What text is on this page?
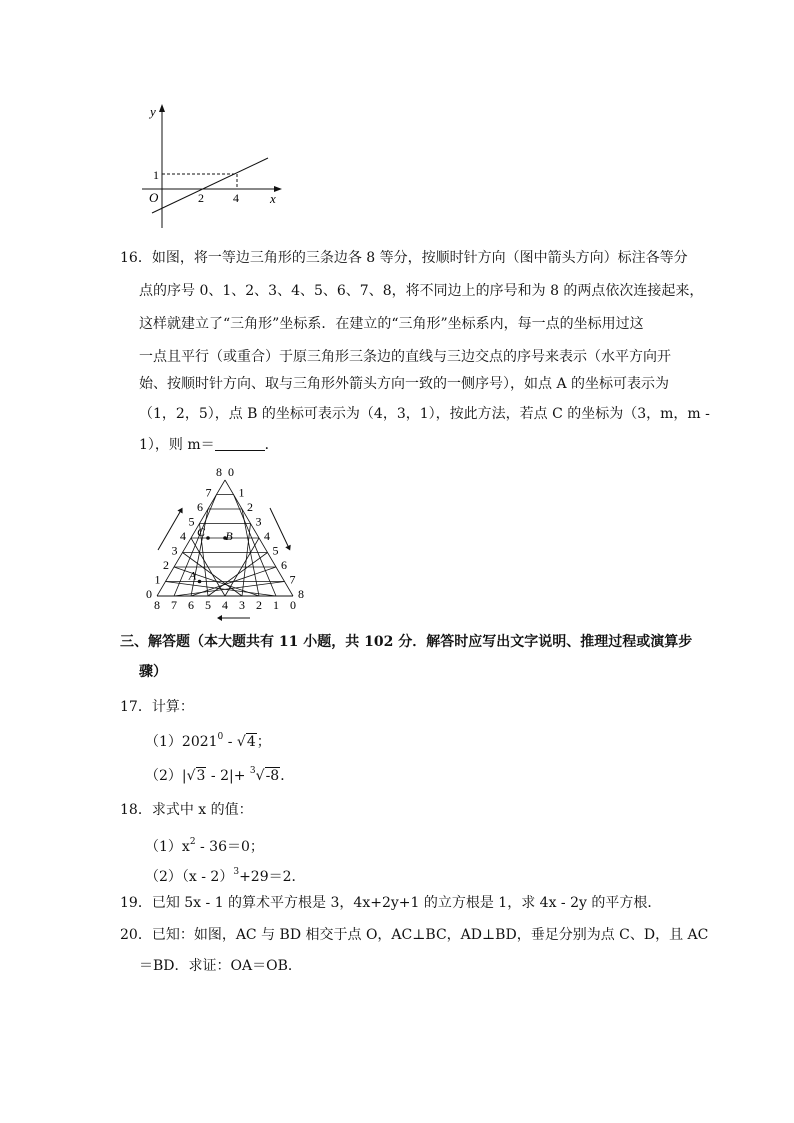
y
x
O
1
2 4
16．如图，将一等边三角形的三条边各 8 等分，按顺时针方向（图中箭头方向）标注各等分
点的序号 0、1、2、3、4、5、6、7、8，将不同边上的序号和为 8 的两点依次连接起来，
这样就建立了“三角形”坐标系．在建立的“三角形”坐标系内，每一点的坐标用过这
一点且平行（或重合）于原三角形三条边的直线与三边交点的序号来表示（水平方向开
始、按顺时针方向、取与三角形外箭头方向一致的一侧序号），如点 A 的坐标可表示为
（1，2，5），点 B 的坐标可表示为（4，3，1），按此方法，若点 C 的坐标为（3，m，m -
1），则 m＝	．
8 0
7
6
5
4
3
2
1
0
1
2
3
4
5
6
7
8
8 7 6 5 4 3 2 1 0
A
B
C
三、解答题（本大题共有 11 小题，共 102 分．解答时应写出文字说明、推理过程或演算步
骤）
17．计算：
（1）2021$^0$ - √4；
（2）|√3 - 2|+ $^3$√-8．
18．求式中 x 的值：
$(1)x^2 - 36=0$；
（2）（x - 2）$^3$+29＝2．
19．已知 5x - 1 的算术平方根是 3，4x+2y+1 的立方根是 1，求 4x - 2y 的平方根．
20．已知：如图，AC 与 BD 相交于点 O，AC⊥BC，AD⊥BD，垂足分别为点 C、D，且 AC
＝BD．求证：OA＝OB．
